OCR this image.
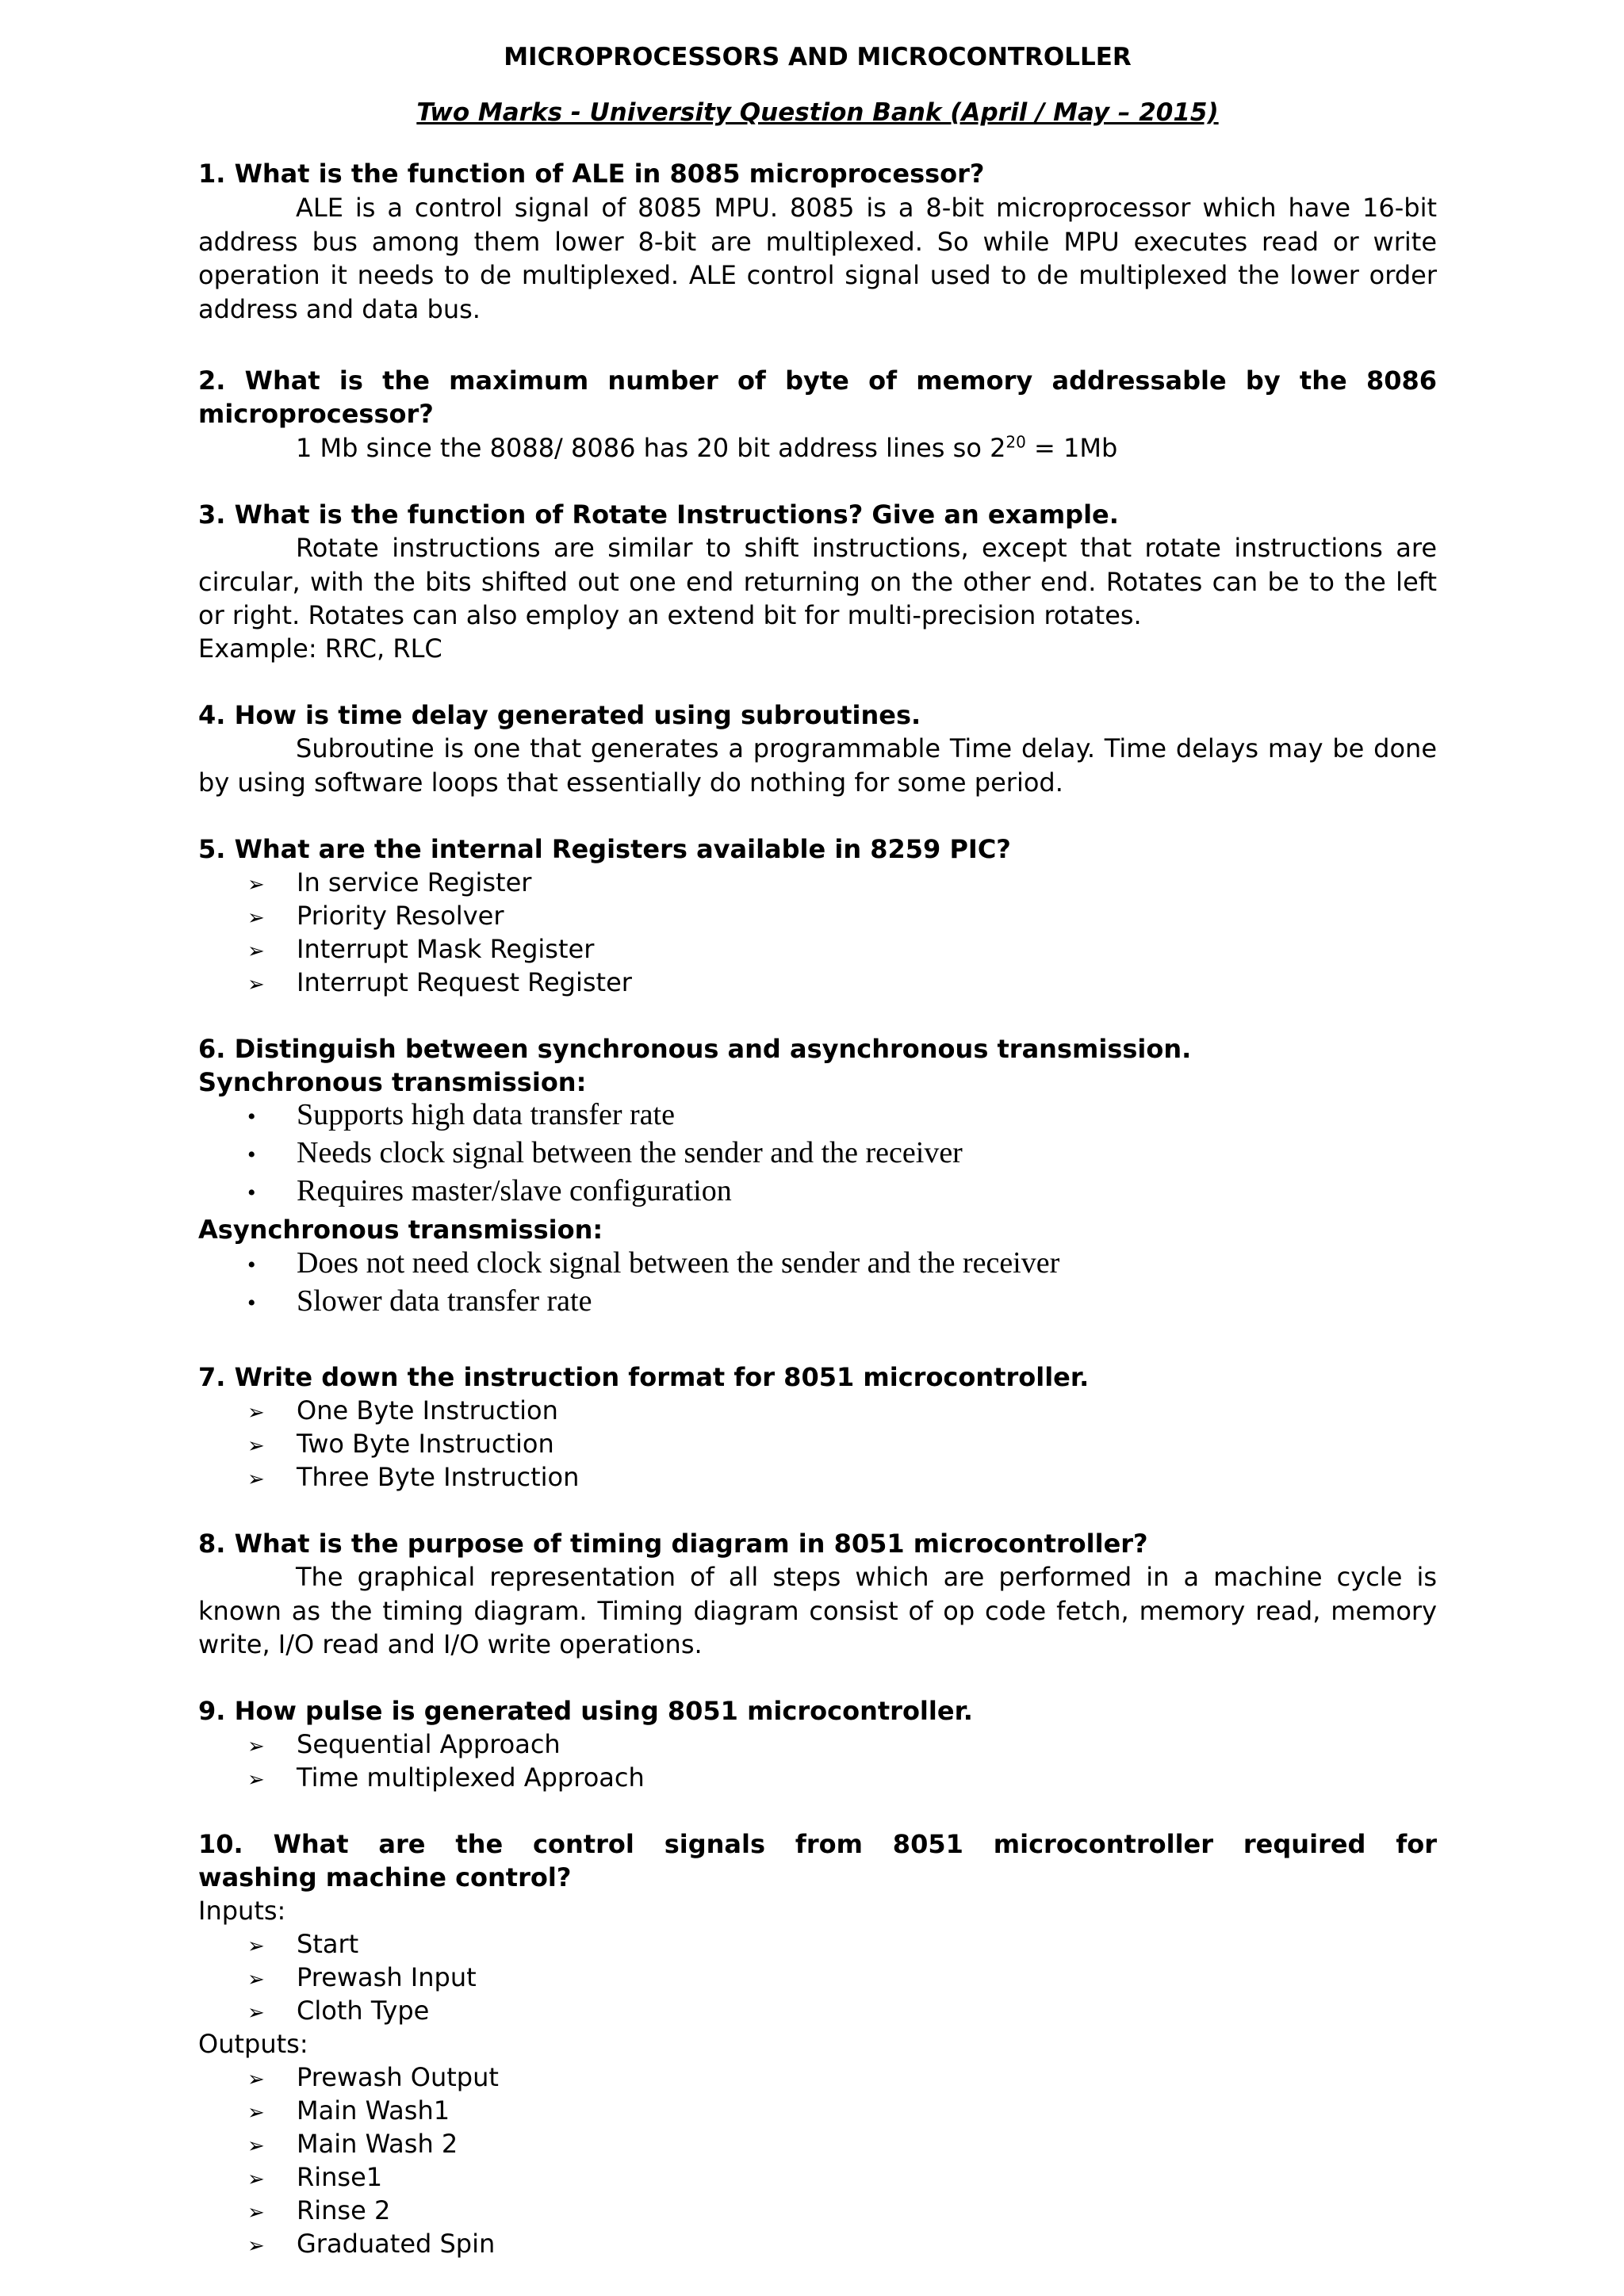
MICROPROCESSORS AND MICROCONTROLLER
Two Marks - University Question Bank (April / May – 2015)
1. What is the function of ALE in 8085 microprocessor?
ALE is a control signal of 8085 MPU. 8085 is a 8-bit microprocessor which have 16-bit address bus among them lower 8-bit are multiplexed. So while MPU executes read or write operation it needs to de multiplexed. ALE control signal used to de multiplexed the lower order address and data bus.
2. What is the maximum number of byte of memory addressable by the 8086
microprocessor?
1 Mb since the 8088/ 8086 has 20 bit address lines so $2^{20} = 1Mb$
3. What is the function of Rotate Instructions? Give an example.
Rotate instructions are similar to shift instructions, except that rotate instructions are circular, with the bits shifted out one end returning on the other end. Rotates can be to the left or right. Rotates can also employ an extend bit for multi-precision rotates.
Example: RRC, RLC
4. How is time delay generated using subroutines.
Subroutine is one that generates a programmable Time delay. Time delays may be done by using software loops that essentially do nothing for some period.
5. What are the internal Registers available in 8259 PIC?
➢ In service Register
➢ Priority Resolver
➢ Interrupt Mask Register
➢ Interrupt Request Register
6. Distinguish between synchronous and asynchronous transmission.
Synchronous transmission:
• Supports high data transfer rate
• Needs clock signal between the sender and the receiver
• Requires master/slave configuration
Asynchronous transmission:
• Does not need clock signal between the sender and the receiver
• Slower data transfer rate
7. Write down the instruction format for 8051 microcontroller.
➢ One Byte Instruction
➢ Two Byte Instruction
➢ Three Byte Instruction
8. What is the purpose of timing diagram in 8051 microcontroller?
The graphical representation of all steps which are performed in a machine cycle is known as the timing diagram. Timing diagram consist of op code fetch, memory read, memory write, I/O read and I/O write operations.
9. How pulse is generated using 8051 microcontroller.
➢ Sequential Approach
➢ Time multiplexed Approach
10. What are the control signals from 8051 microcontroller required for
washing machine control?
Inputs:
➢ Start
➢ Prewash Input
➢ Cloth Type
Outputs:
➢ Prewash Output
➢ Main Wash1
➢ Main Wash 2
➢ Rinse1
➢ Rinse 2
➢ Graduated Spin
